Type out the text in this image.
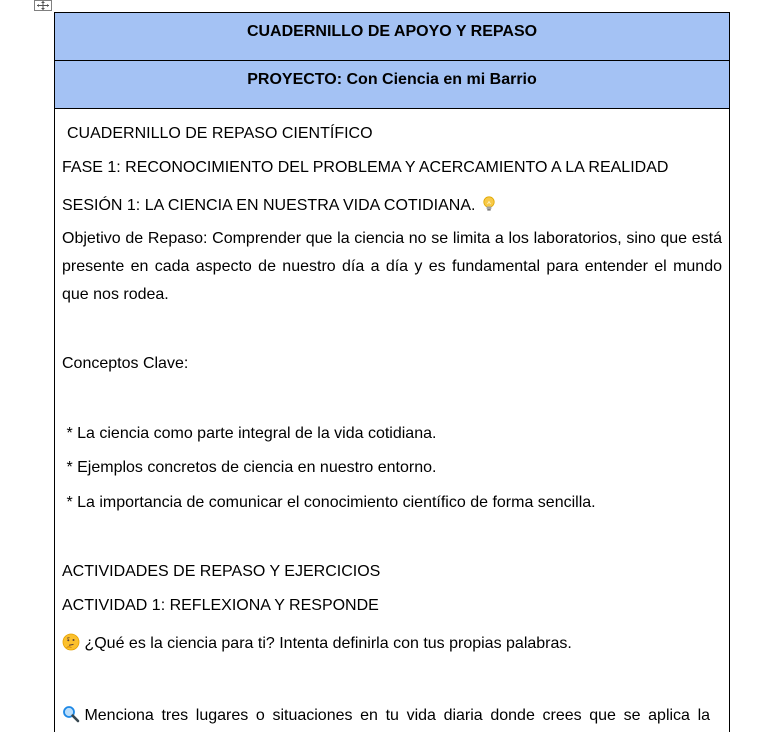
CUADERNILLO DE APOYO Y REPASO
PROYECTO: Con Ciencia en mi Barrio
CUADERNILLO DE REPASO CIENTÍFICO
FASE 1: RECONOCIMIENTO DEL PROBLEMA Y ACERCAMIENTO A LA REALIDAD
SESIÓN 1: LA CIENCIA EN NUESTRA VIDA COTIDIANA.
Objetivo de Repaso: Comprender que la ciencia no se limita a los laboratorios, sino que está presente en cada aspecto de nuestro día a día y es fundamental para entender el mundo que nos rodea.
Conceptos Clave:
* La ciencia como parte integral de la vida cotidiana.
* Ejemplos concretos de ciencia en nuestro entorno.
* La importancia de comunicar el conocimiento científico de forma sencilla.
ACTIVIDADES DE REPASO Y EJERCICIOS
ACTIVIDAD 1: REFLEXIONA Y RESPONDE
¿Qué es la ciencia para ti? Intenta definirla con tus propias palabras.
Menciona tres lugares o situaciones en tu vida diaria donde crees que se aplica la
